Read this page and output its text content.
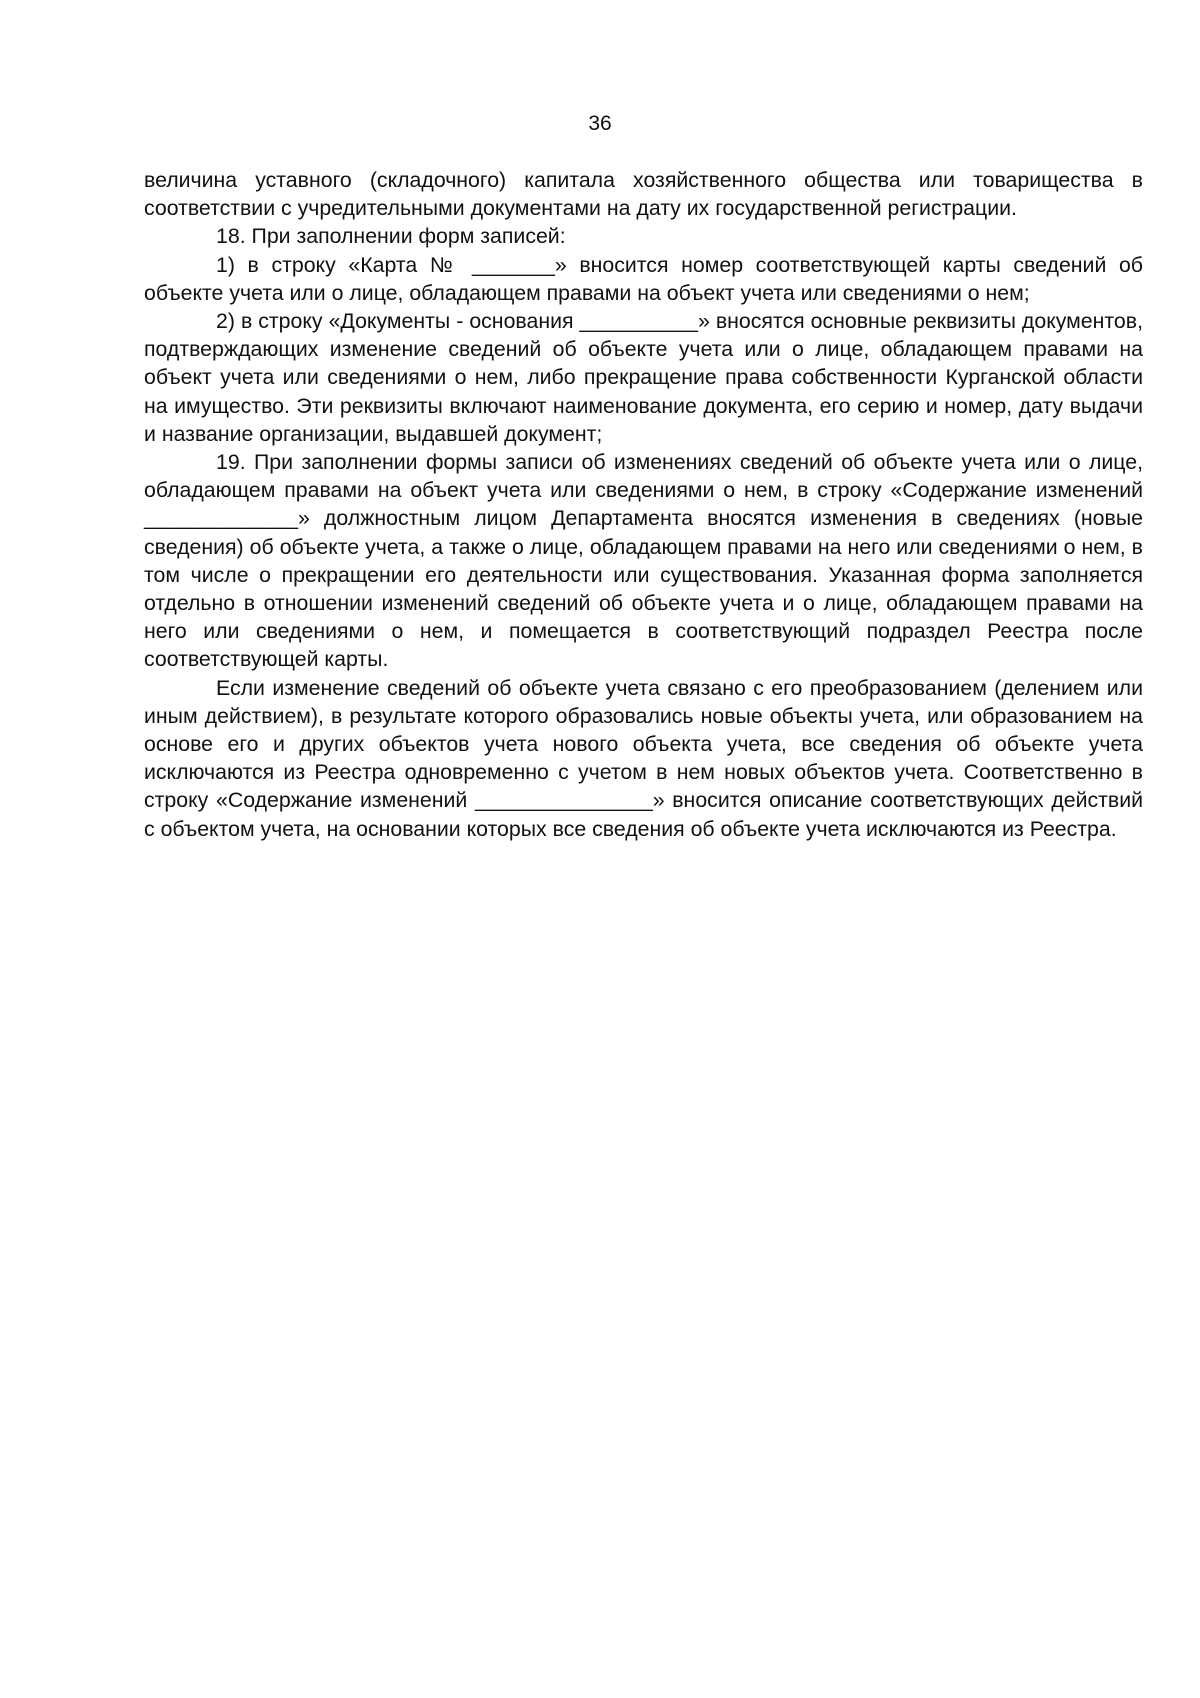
36

величина уставного (складочного) капитала хозяйственного общества или товарищества в соответствии с учредительными документами на дату их государственной регистрации.

18. При заполнении форм записей:

1) в строку «Карта № _______» вносится номер соответствующей карты сведений об объекте учета или о лице, обладающем правами на объект учета или сведениями о нем;

2) в строку «Документы - основания __________» вносятся основные реквизиты документов, подтверждающих изменение сведений об объекте учета или о лице, обладающем правами на объект учета или сведениями о нем, либо прекращение права собственности Курганской области на имущество. Эти реквизиты включают наименование документа, его серию и номер, дату выдачи и название организации, выдавшей документ;

19. При заполнении формы записи об изменениях сведений об объекте учета или о лице, обладающем правами на объект учета или сведениями о нем, в строку «Содержание изменений _____________» должностным лицом Департамента вносятся изменения в сведениях (новые сведения) об объекте учета, а также о лице, обладающем правами на него или сведениями о нем, в том числе о прекращении его деятельности или существования. Указанная форма заполняется отдельно в отношении изменений сведений об объекте учета и о лице, обладающем правами на него или сведениями о нем, и помещается в соответствующий подраздел Реестра после соответствующей карты.

Если изменение сведений об объекте учета связано с его преобразованием (делением или иным действием), в результате которого образовались новые объекты учета, или образованием на основе его и других объектов учета нового объекта учета, все сведения об объекте учета исключаются из Реестра одновременно с учетом в нем новых объектов учета. Соответственно в строку «Содержание изменений _______________» вносится описание соответствующих действий с объектом учета, на основании которых все сведения об объекте учета исключаются из Реестра.
